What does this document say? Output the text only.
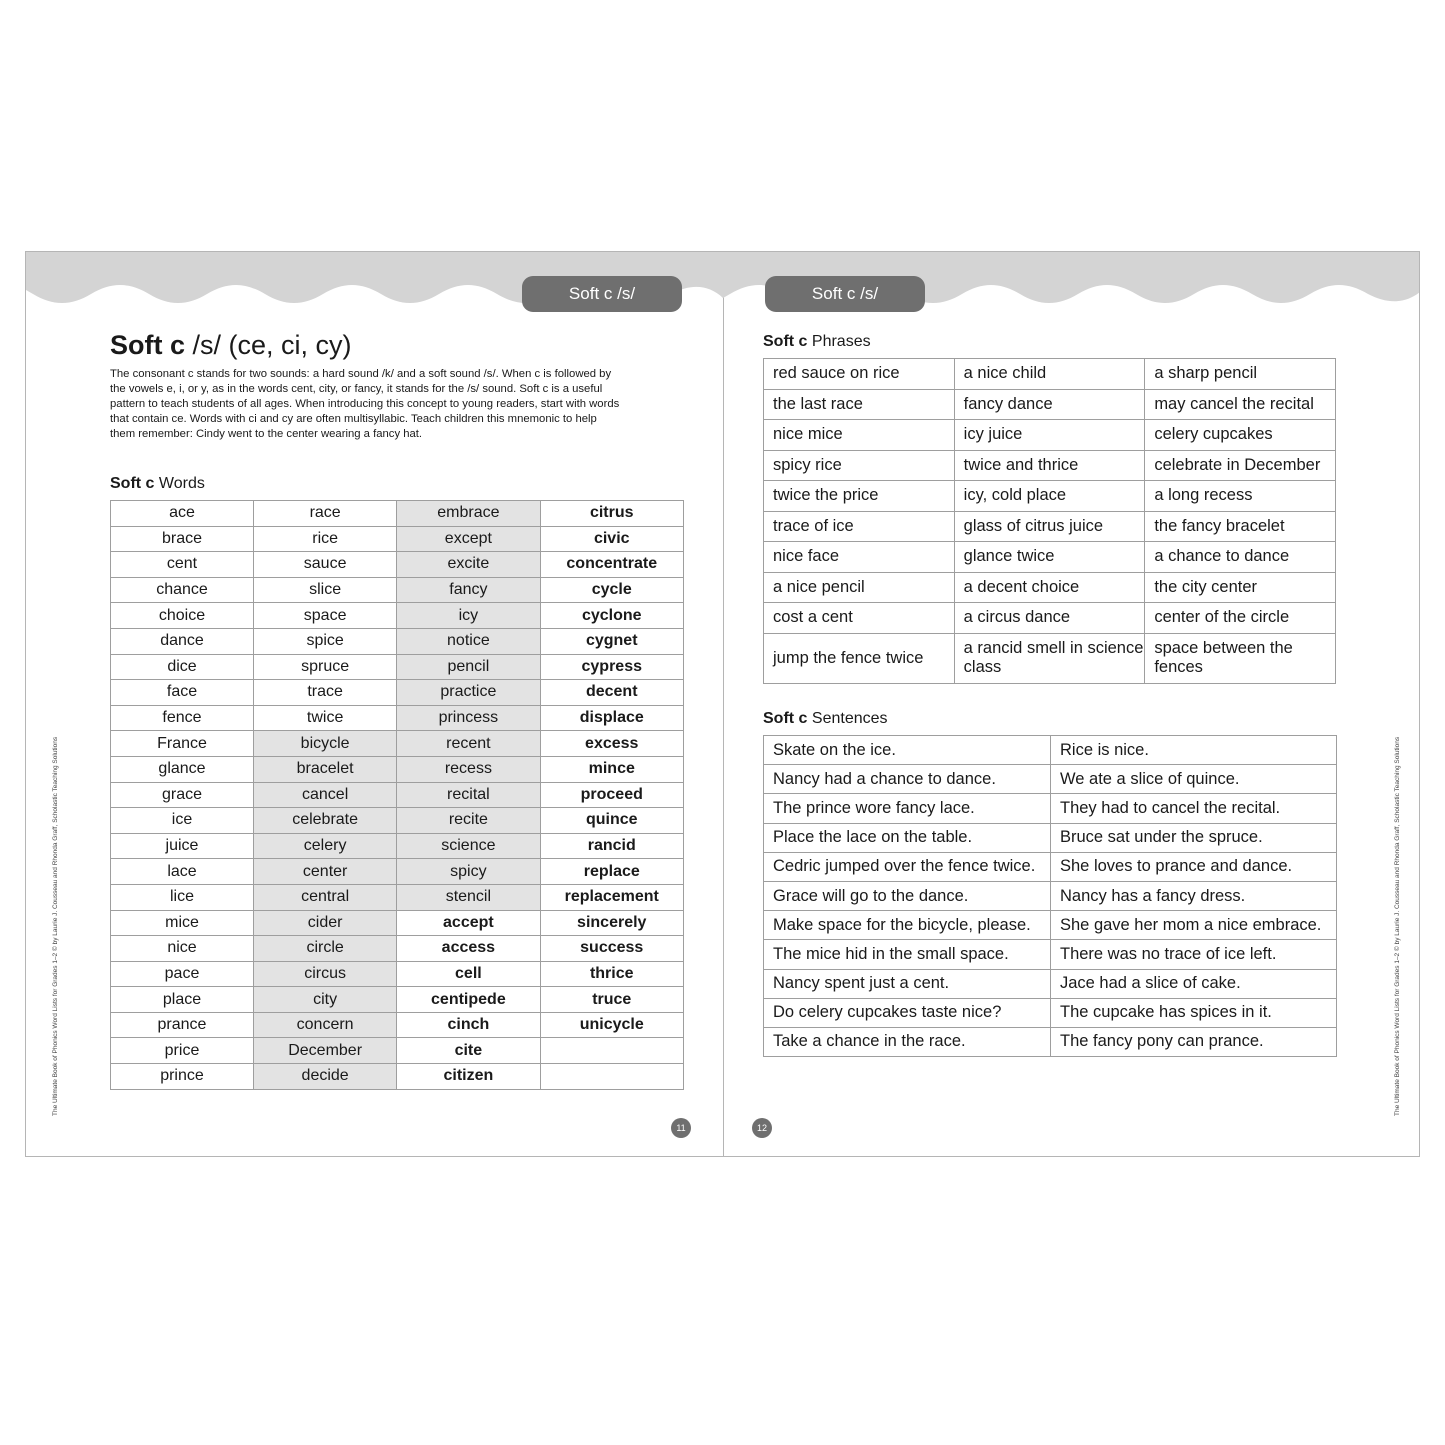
Soft c /s/
Soft c /s/ (ce, ci, cy)

The consonant c stands for two sounds: a hard sound /k/ and a soft sound /s/. When c is followed by the vowels e, i, or y, as in the words cent, city, or fancy, it stands for the /s/ sound. Soft c is a useful pattern to teach students of all ages. When introducing this concept to young readers, start with words that contain ce. Words with ci and cy are often multisyllabic. Teach children this mnemonic to help them remember: Cindy went to the center wearing a fancy hat.

Soft c Words
ace	race	embrace	citrus
brace	rice	except	civic
cent	sauce	excite	concentrate
chance	slice	fancy	cycle
choice	space	icy	cyclone
dance	spice	notice	cygnet
dice	spruce	pencil	cypress
face	trace	practice	decent
fence	twice	princess	displace
France	bicycle	recent	excess
glance	bracelet	recess	mince
grace	cancel	recital	proceed
ice	celebrate	recite	quince
juice	celery	science	rancid
lace	center	spicy	replace
lice	central	stencil	replacement
mice	cider	accept	sincerely
nice	circle	access	success
pace	circus	cell	thrice
place	city	centipede	truce
prance	concern	cinch	unicycle
price	December	cite	
prince	decide	citizen	
11
The Ultimate Book of Phonics Word Lists for Grades 1–2 © by Laurie J. Cousseau and Rhonda Graff, Scholastic Teaching Solutions
Soft c /s/
Soft c Phrases
red sauce on rice	a nice child	a sharp pencil
the last race	fancy dance	may cancel the recital
nice mice	icy juice	celery cupcakes
spicy rice	twice and thrice	celebrate in December
twice the price	icy, cold place	a long recess
trace of ice	glass of citrus juice	the fancy bracelet
nice face	glance twice	a chance to dance
a nice pencil	a decent choice	the city center
cost a cent	a circus dance	center of the circle
jump the fence twice	a rancid smell in science class	space between the fences
Soft c Sentences
Skate on the ice.	Rice is nice.
Nancy had a chance to dance.	We ate a slice of quince.
The prince wore fancy lace.	They had to cancel the recital.
Place the lace on the table.	Bruce sat under the spruce.
Cedric jumped over the fence twice.	She loves to prance and dance.
Grace will go to the dance.	Nancy has a fancy dress.
Make space for the bicycle, please.	She gave her mom a nice embrace.
The mice hid in the small space.	There was no trace of ice left.
Nancy spent just a cent.	Jace had a slice of cake.
Do celery cupcakes taste nice?	The cupcake has spices in it.
Take a chance in the race.	The fancy pony can prance.
12
The Ultimate Book of Phonics Word Lists for Grades 1–2 © by Laurie J. Cousseau and Rhonda Graff, Scholastic Teaching Solutions
